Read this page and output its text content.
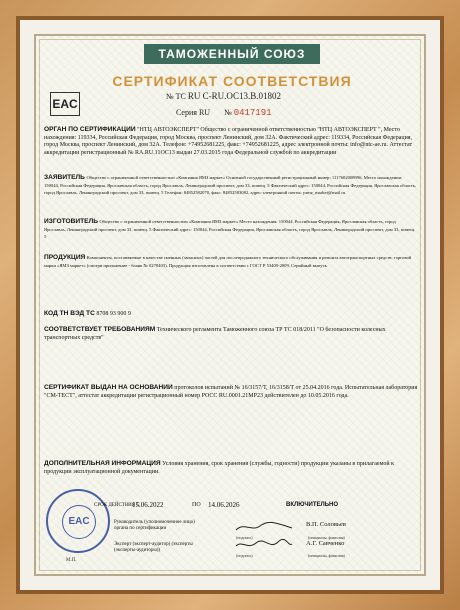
ТАМОЖЕННЫЙ СОЮЗ
СЕРТИФИКАТ СООТВЕТСТВИЯ
EAC
№ ТС RU C-RU.ОС13.В.01802
Серия RU № 0417191
ОРГАН ПО СЕРТИФИКАЦИИ "НТЦ АВТОЭКСПЕРТ" Общество с ограниченной ответственностью "НТЦ АВТОЭКСПЕРТ ", Место нахождения: 119334, Российская Федерация, город Москва, проспект Ленинский, дом 32А. Фактический адрес: 119334, Российская Федерация, город Москва, проспект Ленинский, дом 32А. Телефон: +74952681225, факс: +74952681225, адрес электронной почты: info@ntc-ae.ru. Аттестат аккредитации регистрационный № RA.RU.11ОС13 выдан 27.03.2015 года Федеральной службой по аккредитации
ЗАЯВИТЕЛЬ Общество с ограниченной ответственностью «Компания ЯМЗ маркет» Основной государственный регистрационный номер: 1117602008996. Место нахождения: 150044, Российская Федерация, Ярославская область, город Ярославль, Ленинградский проспект, дом 33, помещ. 5 Фактический адрес: 150044, Российская Федерация, Ярославская область, город Ярославль, Ленинградский проспект, дом 33, помещ. 5 Телефон: 84852582070, факс: 84852583082, адрес электронной почты: yamz_market@mail.ru
ИЗГОТОВИТЕЛЬ Общество с ограниченной ответственностью «Компания ЯМЗ маркет» Место нахождения: 150044, Российская Федерация, Ярославская область, город Ярославль, Ленинградский проспект, дом 33, помещ. 5 Фактический адрес: 150044, Российская Федерация, Ярославская область, город Ярославль, Ленинградский проспект, дом 33, помещ. 5
ПРОДУКЦИЯ Компоненты, поставляемые в качестве сменных (запасных) частей для послепродажного технического обслуживания и ремонта автотранспортных средств, торговой марки «ЯМЗ маркет» (смотри приложение - бланк № 0278403). Продукция изготовлена в соответствии с ГОСТ Р 53409-2009. Серийный выпуск
КОД ТН ВЭД ТС 8708 93 900 9
СООТВЕТСТВУЕТ ТРЕБОВАНИЯМ Технического регламента Таможенного союза ТР ТС 018/2011 "О безопасности колесных транспортных средств"
СЕРТИФИКАТ ВЫДАН НА ОСНОВАНИИ протоколов испытаний № 16/3157/Т, 16/3158/Т от 25.04.2016 года. Испытательная лаборатория "СМ-ТЕСТ", аттестат аккредитации регистрационный номер РОСС RU.0001.21МР23 действителен до 10.05.2016 года.
ДОПОЛНИТЕЛЬНАЯ ИНФОРМАЦИЯ Условия хранения, срок хранения (службы, годности) продукции указаны в прилагаемой к продукции эксплуатационной документации.
EAC
СРОК ДЕЙСТВИЯ С
15.06.2022	ПО 14.06.2026	ВКЛЮЧИТЕЛЬНО
Руководитель (уполномоченное лицо) органа по сертификации
В.П. Соловьев
(подпись)	(инициалы, фамилия)
Эксперт (эксперт-аудитор) (эксперты (эксперты-аудиторы))
А.Г. Савченко
(подпись)	(инициалы, фамилия)
М.П.
